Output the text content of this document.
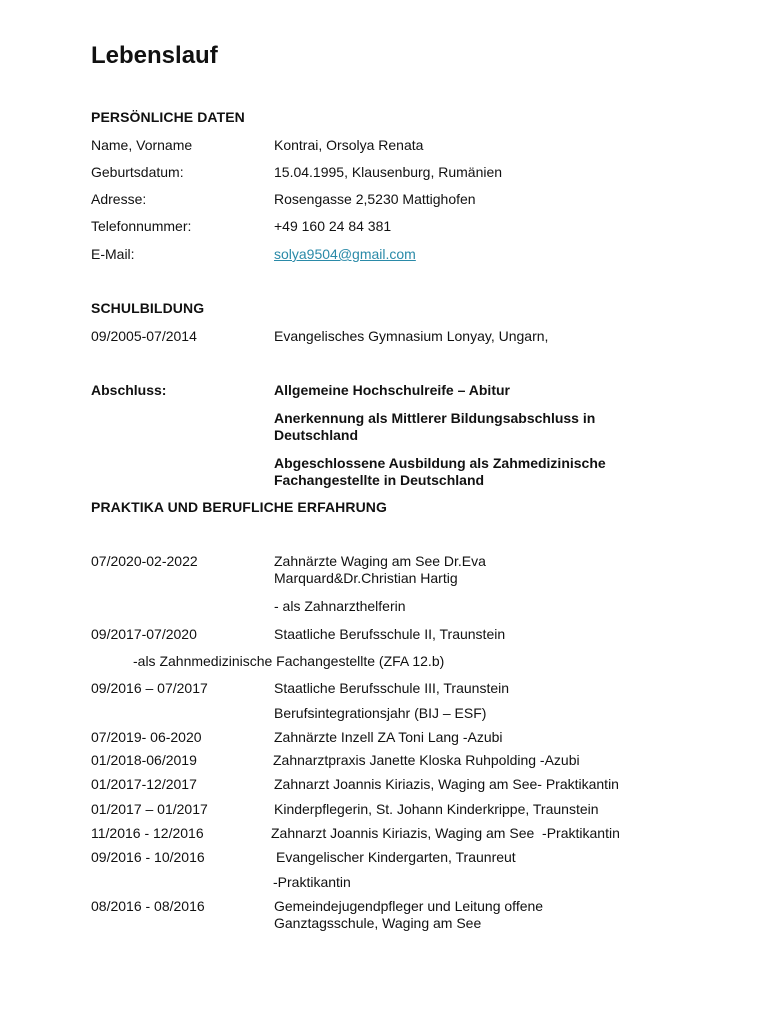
Lebenslauf
PERSÖNLICHE DATEN
Name, Vorname	Kontrai, Orsolya Renata
Geburtsdatum:	15.04.1995, Klausenburg, Rumänien
Adresse:	Rosengasse 2,5230 Mattighofen
Telefonnummer:	+49 160 24 84 381
E-Mail:	solya9504@gmail.com
SCHULBILDUNG
09/2005-07/2014	Evangelisches Gymnasium Lonyay, Ungarn,
Abschluss:	Allgemeine Hochschulreife – Abitur
Anerkennung als Mittlerer Bildungsabschluss in Deutschland
Abgeschlossene Ausbildung als Zahmedizinische Fachangestellte in Deutschland
PRAKTIKA UND BERUFLICHE ERFAHRUNG
07/2020-02-2022	Zahnärzte Waging am See Dr.Eva Marquard&Dr.Christian Hartig
- als Zahnarzthelferin
09/2017-07/2020	Staatliche Berufsschule II, Traunstein
-als Zahnmedizinische Fachangestellte (ZFA 12.b)
09/2016 – 07/2017	Staatliche Berufsschule III, Traunstein
Berufsintegrationsjahr (BIJ – ESF)
07/2019- 06-2020	Zahnärzte Inzell ZA Toni Lang -Azubi
01/2018-06/2019	Zahnarztpraxis Janette Kloska Ruhpolding -Azubi
01/2017-12/2017	Zahnarzt Joannis Kiriazis, Waging am See- Praktikantin
01/2017 – 01/2017	Kinderpflegerin, St. Johann Kinderkrippe, Traunstein
11/2016 - 12/2016	Zahnarzt Joannis Kiriazis, Waging am See  -Praktikantin
09/2016 - 10/2016	Evangelischer Kindergarten, Traunreut
-Praktikantin
08/2016 - 08/2016	Gemeindejugendpfleger und Leitung offene Ganztagsschule, Waging am See
